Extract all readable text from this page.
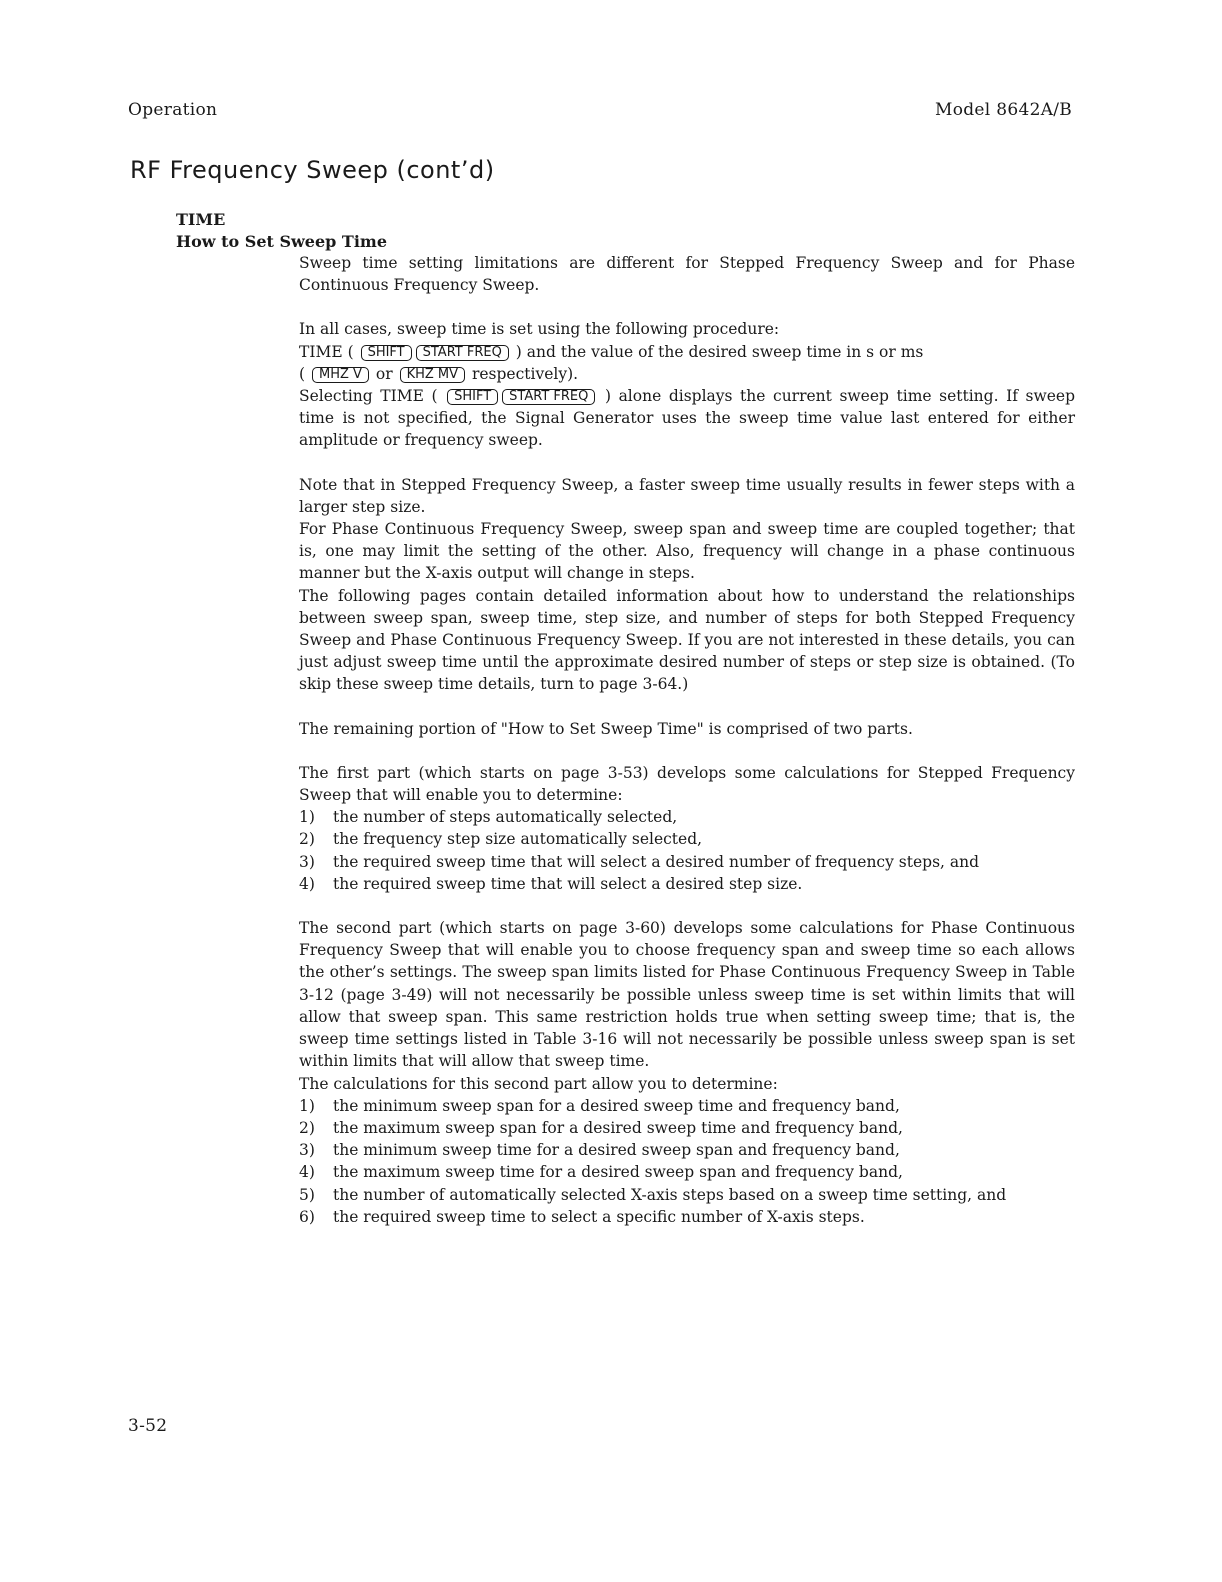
Operation	Model 8642A/B
RF Frequency Sweep (cont’d)
TIME
How to Set Sweep Time

Sweep time setting limitations are different for Stepped Frequency Sweep and for Phase Continuous Frequency Sweep.

In all cases, sweep time is set using the following procedure:

TIME ( SHIFT START FREQ ) and the value of the desired sweep time in s or ms
( MHZ V or KHZ MV respectively).

Selecting TIME ( SHIFT START FREQ ) alone displays the current sweep time setting. If sweep time is not specified, the Signal Generator uses the sweep time value last entered for either amplitude or frequency sweep.

Note that in Stepped Frequency Sweep, a faster sweep time usually results in fewer steps with a larger step size.

For Phase Continuous Frequency Sweep, sweep span and sweep time are coupled together; that is, one may limit the setting of the other. Also, frequency will change in a phase continuous manner but the X-axis output will change in steps.

The following pages contain detailed information about how to understand the relationships between sweep span, sweep time, step size, and number of steps for both Stepped Frequency Sweep and Phase Continuous Frequency Sweep. If you are not interested in these details, you can just adjust sweep time until the approximate desired number of steps or step size is obtained. (To skip these sweep time details, turn to page 3-64.)

The remaining portion of "How to Set Sweep Time" is comprised of two parts.

The first part (which starts on page 3-53) develops some calculations for Stepped Frequency Sweep that will enable you to determine:

1) the number of steps automatically selected,
2) the frequency step size automatically selected,
3) the required sweep time that will select a desired number of frequency steps, and
4) the required sweep time that will select a desired step size.

The second part (which starts on page 3-60) develops some calculations for Phase Continuous Frequency Sweep that will enable you to choose frequency span and sweep time so each allows the other’s settings. The sweep span limits listed for Phase Continuous Frequency Sweep in Table 3-12 (page 3-49) will not necessarily be possible unless sweep time is set within limits that will allow that sweep span. This same restriction holds true when setting sweep time; that is, the sweep time settings listed in Table 3-16 will not necessarily be possible unless sweep span is set within limits that will allow that sweep time.

The calculations for this second part allow you to determine:

1) the minimum sweep span for a desired sweep time and frequency band,
2) the maximum sweep span for a desired sweep time and frequency band,
3) the minimum sweep time for a desired sweep span and frequency band,
4) the maximum sweep time for a desired sweep span and frequency band,
5) the number of automatically selected X-axis steps based on a sweep time setting, and
6) the required sweep time to select a specific number of X-axis steps.
3-52
